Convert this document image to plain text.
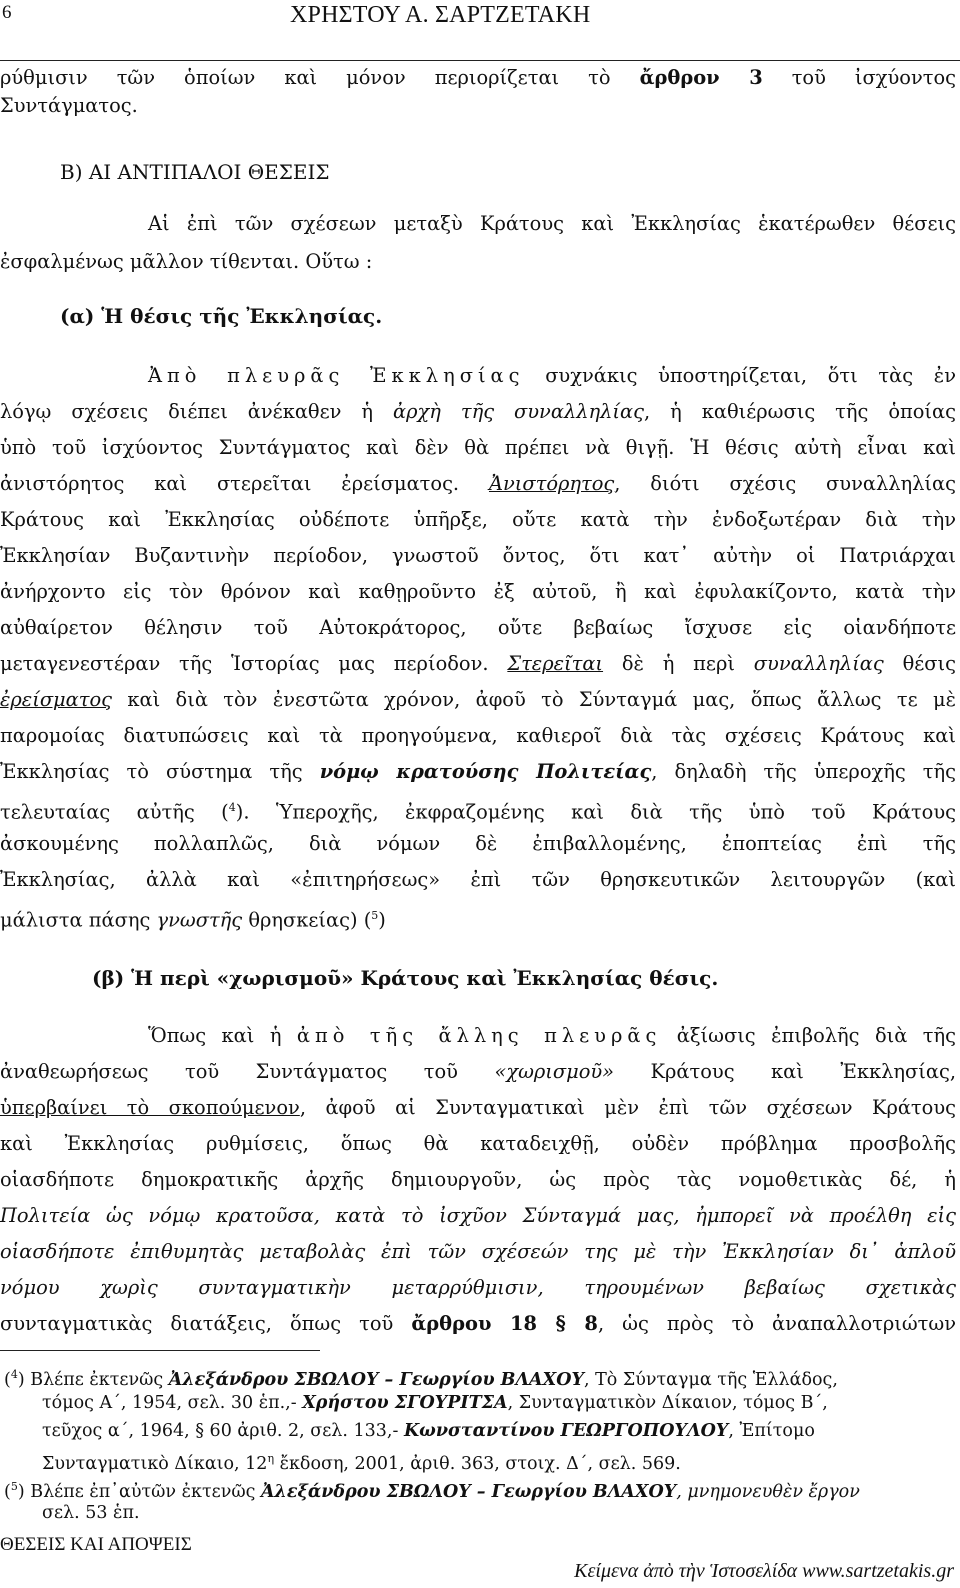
6	ΧΡΗΣΤΟΥ Α. ΣΑΡΤΖΕΤΑΚΗ
ρύθμισιν τῶν ὁποίων καὶ μόνον περιορίζεται τὸ ἄρθρον 3 τοῦ ἰσχύοντος
Συντάγματος.
B) ΑΙ ΑΝΤΙΠΑΛΟΙ ΘΕΣΕΙΣ
Αἱ ἐπὶ τῶν σχέσεων μεταξὺ Κράτους καὶ Ἐκκλησίας ἑκατέρωθεν θέσεις
ἐσφαλμένως μᾶλλον τίθενται. Οὕτω :
(α) Ἡ θέσις τῆς Ἐκκλησίας.
Ἀπὸ πλευρᾶς Ἐκκλησίας συχνάκις ὑποστηρίζεται, ὅτι τὰς ἐν
λόγῳ σχέσεις διέπει ἀνέκαθεν ἡ ἀρχὴ τῆς συναλληλίας, ἡ καθιέρωσις τῆς ὁποίας
ὑπὸ τοῦ ἰσχύοντος Συντάγματος καὶ δὲν θὰ πρέπει νὰ θιγῇ. Ἡ θέσις αὐτὴ εἶναι καὶ
ἀνιστόρητος καὶ στερεῖται ἐρείσματος. Ἀνιστόρητος, διότι σχέσις συναλληλίας
Κράτους καὶ Ἐκκλησίας οὐδέποτε ὑπῆρξε, οὔτε κατὰ τὴν ἐνδοξωτέραν διὰ τὴν
Ἐκκλησίαν Βυζαντινὴν περίοδον, γνωστοῦ ὄντος, ὅτι κατ᾽ αὐτὴν οἱ Πατριάρχαι
ἀνήρχοντο εἰς τὸν θρόνον καὶ καθῃροῦντο ἐξ αὐτοῦ, ἢ καὶ ἐφυλακίζοντο, κατὰ τὴν
αὐθαίρετον θέλησιν τοῦ Αὐτοκράτορος, οὔτε βεβαίως ἴσχυσε εἰς οἱανδήποτε
μεταγενεστέραν τῆς Ἱστορίας μας περίοδον. Στερεῖται δὲ ἡ περὶ συναλληλίας θέσις
ἐρείσματος καὶ διὰ τὸν ἐνεστῶτα χρόνον, ἀφοῦ τὸ Σύνταγμά μας, ὅπως ἄλλως τε μὲ
παρομοίας διατυπώσεις καὶ τὰ προηγούμενα, καθιεροῖ διὰ τὰς σχέσεις Κράτους καὶ
Ἐκκλησίας τὸ σύστημα τῆς νόμῳ κρατούσης Πολιτείας, δηλαδὴ τῆς ὑπεροχῆς τῆς
τελευταίας αὐτῆς ($^4$). Ὑπεροχῆς, ἐκφραζομένης καὶ διὰ τῆς ὑπὸ τοῦ Κράτους
ἀσκουμένης πολλαπλῶς, διὰ νόμων δὲ ἐπιβαλλομένης, ἐποπτείας ἐπὶ τῆς
Ἐκκλησίας, ἀλλὰ καὶ «ἐπιτηρήσεως» ἐπὶ τῶν θρησκευτικῶν λειτουργῶν (καὶ
μάλιστα πάσης γνωστῆς θρησκείας) ($^5$)
(β) Ἡ περὶ «χωρισμοῦ» Κράτους καὶ Ἐκκλησίας θέσις.
Ὅπως καὶ ἡ ἀπὸ τῆς ἄλλης πλευρᾶς ἀξίωσις ἐπιβολῆς διὰ τῆς
ἀναθεωρήσεως τοῦ Συντάγματος τοῦ «χωρισμοῦ» Κράτους καὶ Ἐκκλησίας,
ὑπερβαίνει τὸ σκοπούμενον, ἀφοῦ αἱ Συνταγματικαὶ μὲν ἐπὶ τῶν σχέσεων Κράτους
καὶ Ἐκκλησίας ρυθμίσεις, ὅπως θὰ καταδειχθῇ, οὐδὲν πρόβλημα προσβολῆς
οἱασδήποτε δημοκρατικῆς ἀρχῆς δημιουργοῦν, ὡς πρὸς τὰς νομοθετικὰς δέ, ἡ
Πολιτεία ὡς νόμῳ κρατοῦσα, κατὰ τὸ ἰσχῦον Σύνταγμά μας, ἠμπορεῖ νὰ προέλθη εἰς
οἱασδήποτε ἐπιθυμητὰς μεταβολὰς ἐπὶ τῶν σχέσεών της μὲ τὴν Ἐκκλησίαν δι᾽ ἁπλοῦ
νόμου χωρὶς συνταγματικὴν μεταρρύθμισιν, τηρουμένων βεβαίως σχετικὰς
συνταγματικὰς διατάξεις, ὅπως τοῦ ἄρθρου 18 § 8, ὡς πρὸς τὸ ἀναπαλλοτριώτων
($^4$) Βλέπε ἐκτενῶς Ἀλεξάνδρου ΣΒΩΛΟΥ – Γεωργίου ΒΛΑΧΟΥ, Τὸ Σύνταγμα τῆς Ἑλλάδος,
τόμος Α΄, 1954, σελ. 30 ἑπ.,- Χρήστου ΣΓΟΥΡΙΤΣΑ, Συνταγματικὸν Δίκαιον, τόμος Β΄,
τεῦχος α΄, 1964, § 60 ἀριθ. 2, σελ. 133,- Κωνσταντίνου ΓΕΩΡΓΟΠΟΥΛΟΥ, Ἐπίτομο
Συνταγματικὸ Δίκαιο, $12^\eta$ ἔκδοση, 2001, ἀριθ. 363, στοιχ. Δ΄, σελ. 569.
($^5$) Βλέπε ἐπ᾽αὐτῶν ἐκτενῶς Ἀλεξάνδρου ΣΒΩΛΟΥ – Γεωργίου ΒΛΑΧΟΥ, μνημονευθὲν ἔργον
σελ. 53 ἑπ.
ΘΕΣΕΙΣ ΚΑΙ ΑΠΟΨΕΙΣ
Κείμενα ἀπὸ τὴν Ἱστοσελίδα www.sartzetakis.gr
